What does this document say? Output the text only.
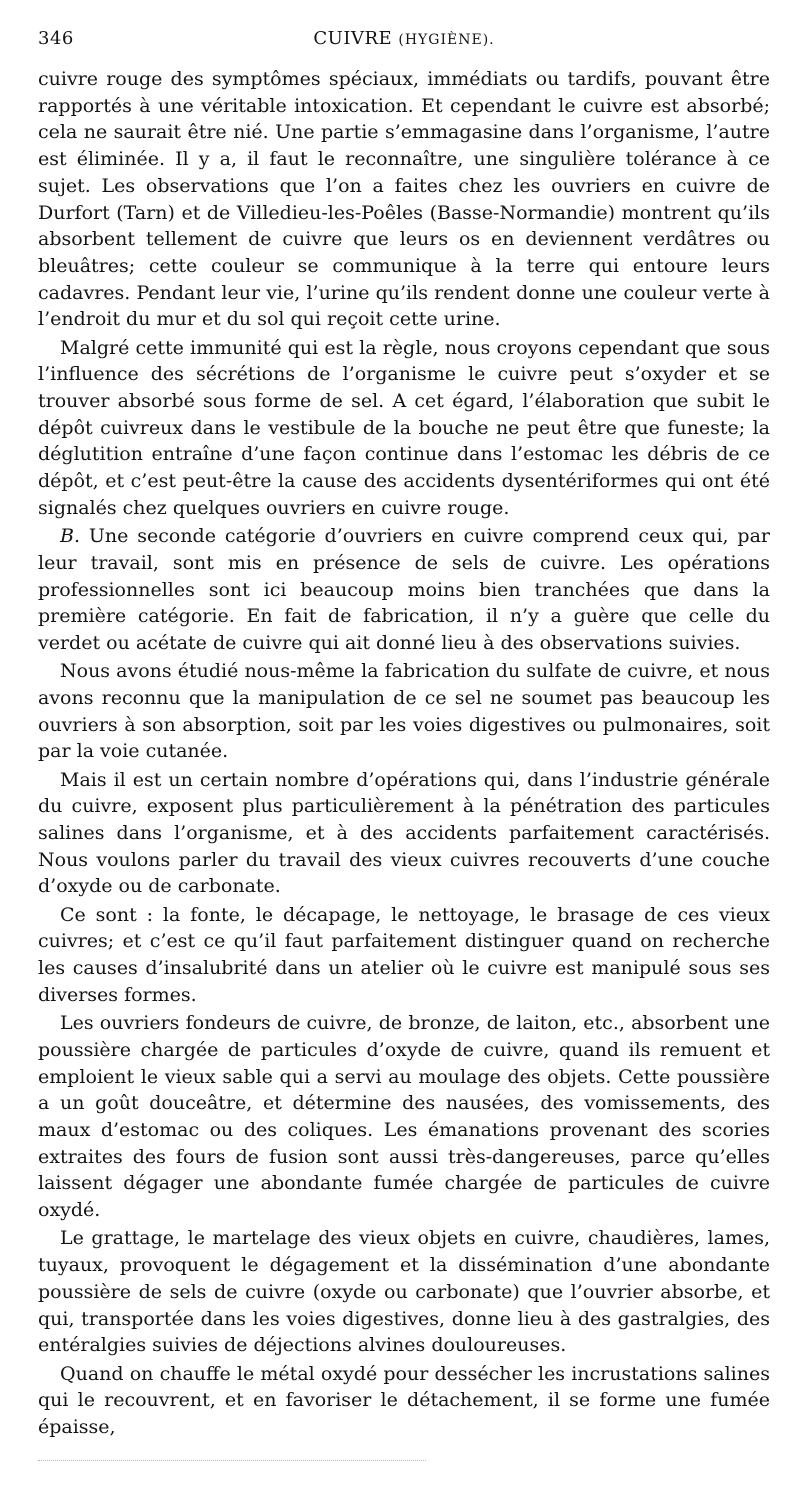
346	CUIVRE (HYGIÈNE).

cuivre rouge des symptômes spéciaux, immédiats ou tardifs, pouvant être rapportés à une véritable intoxication. Et cependant le cuivre est absorbé; cela ne saurait être nié. Une partie s’emmagasine dans l’organisme, l’autre est éliminée. Il y a, il faut le reconnaître, une singulière tolérance à ce sujet. Les observations que l’on a faites chez les ouvriers en cuivre de Durfort (Tarn) et de Villedieu-les-Poêles (Basse-Normandie) montrent qu’ils absorbent tellement de cuivre que leurs os en deviennent verdâtres ou bleuâtres; cette couleur se communique à la terre qui entoure leurs cadavres. Pendant leur vie, l’urine qu’ils rendent donne une couleur verte à l’endroit du mur et du sol qui reçoit cette urine.

Malgré cette immunité qui est la règle, nous croyons cependant que sous l’influence des sécrétions de l’organisme le cuivre peut s’oxyder et se trouver absorbé sous forme de sel. A cet égard, l’élaboration que subit le dépôt cuivreux dans le vestibule de la bouche ne peut être que funeste; la déglutition entraîne d’une façon continue dans l’estomac les débris de ce dépôt, et c’est peut-être la cause des accidents dysentériformes qui ont été signalés chez quelques ouvriers en cuivre rouge.

B. Une seconde catégorie d’ouvriers en cuivre comprend ceux qui, par leur travail, sont mis en présence de sels de cuivre. Les opérations professionnelles sont ici beaucoup moins bien tranchées que dans la première catégorie. En fait de fabrication, il n’y a guère que celle du verdet ou acétate de cuivre qui ait donné lieu à des observations suivies.

Nous avons étudié nous-même la fabrication du sulfate de cuivre, et nous avons reconnu que la manipulation de ce sel ne soumet pas beaucoup les ouvriers à son absorption, soit par les voies digestives ou pulmonaires, soit par la voie cutanée.

Mais il est un certain nombre d’opérations qui, dans l’industrie générale du cuivre, exposent plus particulièrement à la pénétration des particules salines dans l’organisme, et à des accidents parfaitement caractérisés. Nous voulons parler du travail des vieux cuivres recouverts d’une couche d’oxyde ou de carbonate.

Ce sont : la fonte, le décapage, le nettoyage, le brasage de ces vieux cuivres; et c’est ce qu’il faut parfaitement distinguer quand on recherche les causes d’insalubrité dans un atelier où le cuivre est manipulé sous ses diverses formes.

Les ouvriers fondeurs de cuivre, de bronze, de laiton, etc., absorbent une poussière chargée de particules d’oxyde de cuivre, quand ils remuent et emploient le vieux sable qui a servi au moulage des objets. Cette poussière a un goût douceâtre, et détermine des nausées, des vomissements, des maux d’estomac ou des coliques. Les émanations provenant des scories extraites des fours de fusion sont aussi très-dangereuses, parce qu’elles laissent dégager une abondante fumée chargée de particules de cuivre oxydé.

Le grattage, le martelage des vieux objets en cuivre, chaudières, lames, tuyaux, provoquent le dégagement et la dissémination d’une abondante poussière de sels de cuivre (oxyde ou carbonate) que l’ouvrier absorbe, et qui, transportée dans les voies digestives, donne lieu à des gastralgies, des entéralgies suivies de déjections alvines douloureuses.

Quand on chauffe le métal oxydé pour dessécher les incrustations salines qui le recouvrent, et en favoriser le détachement, il se forme une fumée épaisse,
